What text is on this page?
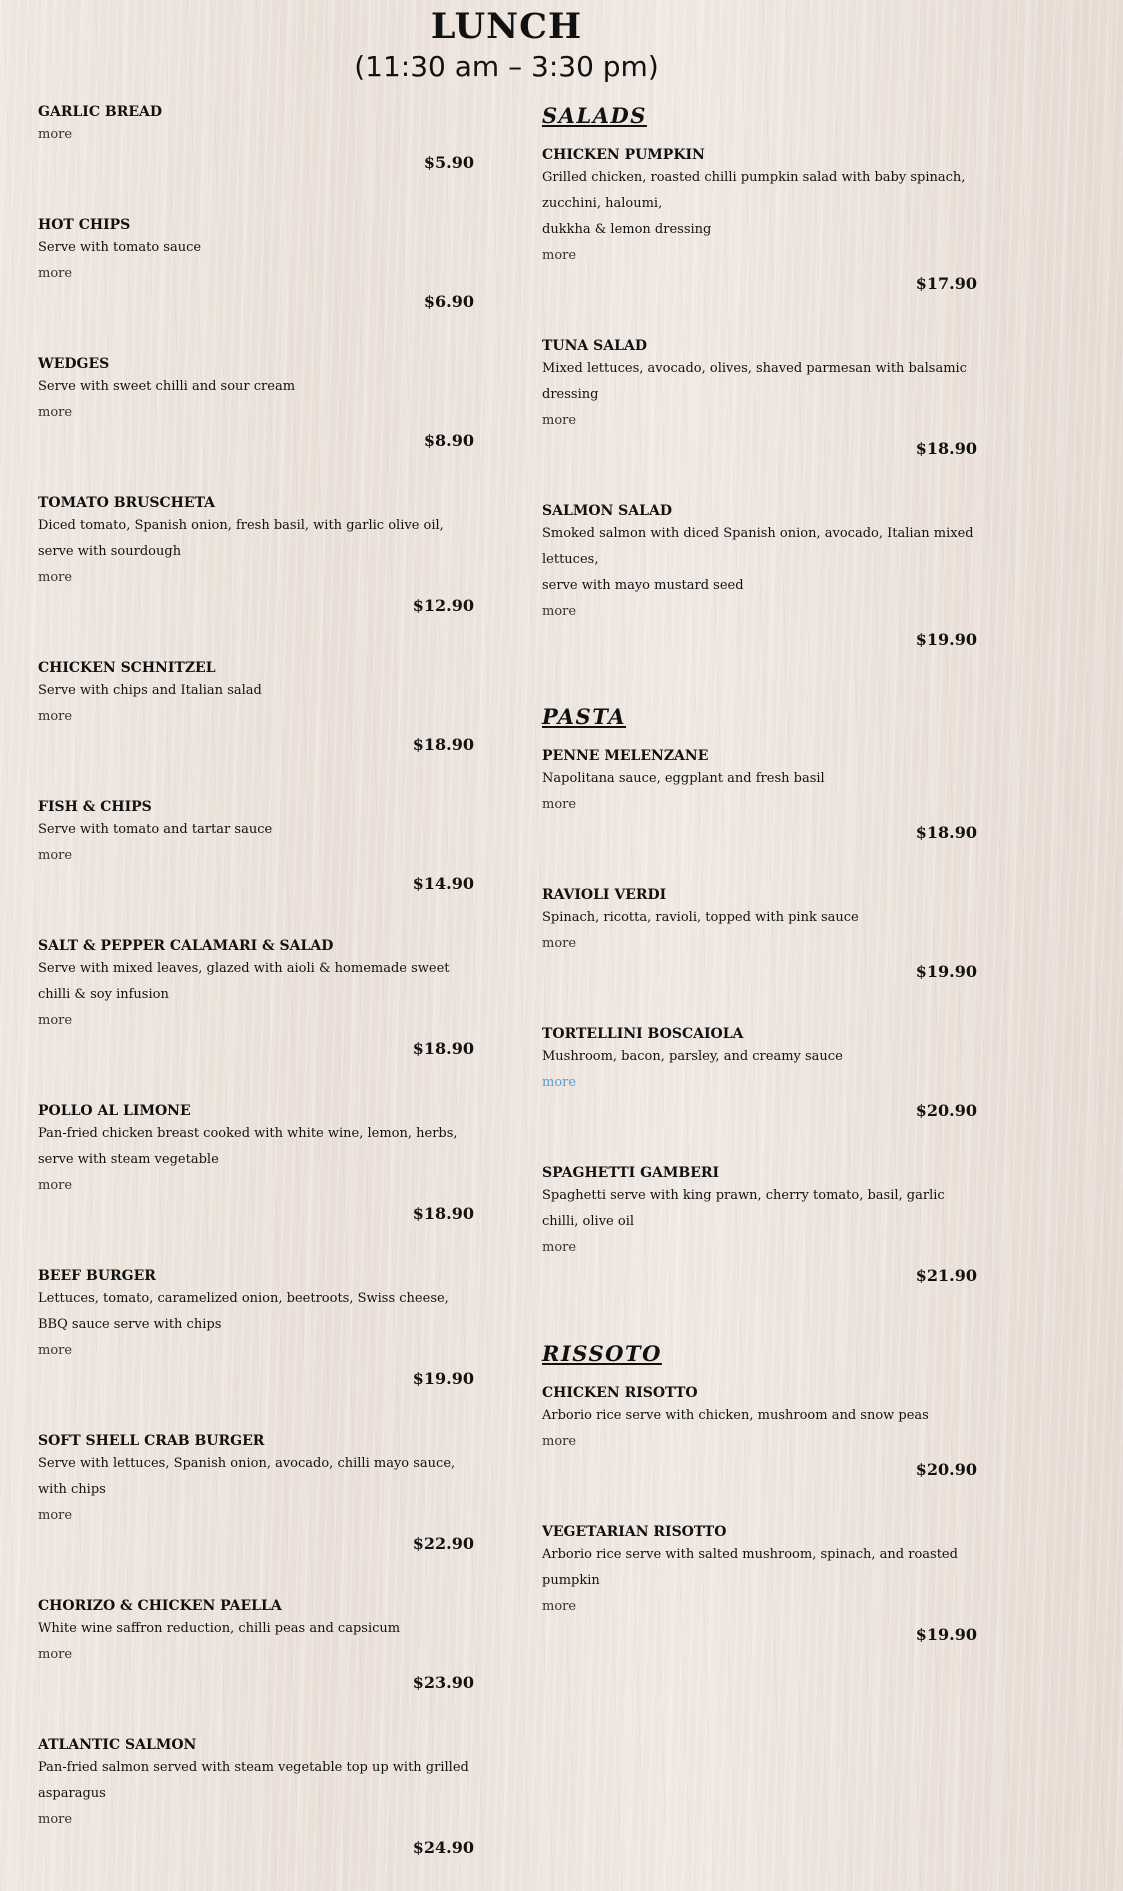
LUNCH
(11:30 am – 3:30 pm)
GARLIC BREAD
more
$5.90
HOT CHIPS
Serve with tomato sauce
more
$6.90
WEDGES
Serve with sweet chilli and sour cream
more
$8.90
TOMATO BRUSCHETA
Diced tomato, Spanish onion, fresh basil, with garlic olive oil, serve with sourdough
more
$12.90
CHICKEN SCHNITZEL
Serve with chips and Italian salad
more
$18.90
FISH & CHIPS
Serve with tomato and tartar sauce
more
$14.90
SALT & PEPPER CALAMARI & SALAD
Serve with mixed leaves, glazed with aioli & homemade sweet chilli & soy infusion
more
$18.90
POLLO AL LIMONE
Pan-fried chicken breast cooked with white wine, lemon, herbs, serve with steam vegetable
more
$18.90
BEEF BURGER
Lettuces, tomato, caramelized onion, beetroots, Swiss cheese, BBQ sauce serve with chips
more
$19.90
SOFT SHELL CRAB BURGER
Serve with lettuces, Spanish onion, avocado, chilli mayo sauce, with chips
more
$22.90
CHORIZO & CHICKEN PAELLA
White wine saffron reduction, chilli peas and capsicum
more
$23.90
ATLANTIC SALMON
Pan-fried salmon served with steam vegetable top up with grilled asparagus
more
$24.90
SALADS
CHICKEN PUMPKIN
Grilled chicken, roasted chilli pumpkin salad with baby spinach, zucchini, haloumi,
dukkha & lemon dressing
more
$17.90
TUNA SALAD
Mixed lettuces, avocado, olives, shaved parmesan with balsamic dressing
more
$18.90
SALMON SALAD
Smoked salmon with diced Spanish onion, avocado, Italian mixed lettuces,
serve with mayo mustard seed
more
$19.90
PASTA
PENNE MELENZANE
Napolitana sauce, eggplant and fresh basil
more
$18.90
RAVIOLI VERDI
Spinach, ricotta, ravioli, topped with pink sauce
more
$19.90
TORTELLINI BOSCAIOLA
Mushroom, bacon, parsley, and creamy sauce
more
$20.90
SPAGHETTI GAMBERI
Spaghetti serve with king prawn, cherry tomato, basil, garlic chilli, olive oil
more
$21.90
RISSOTO
CHICKEN RISOTTO
Arborio rice serve with chicken, mushroom and snow peas
more
$20.90
VEGETARIAN RISOTTO
Arborio rice serve with salted mushroom, spinach, and roasted pumpkin
more
$19.90
